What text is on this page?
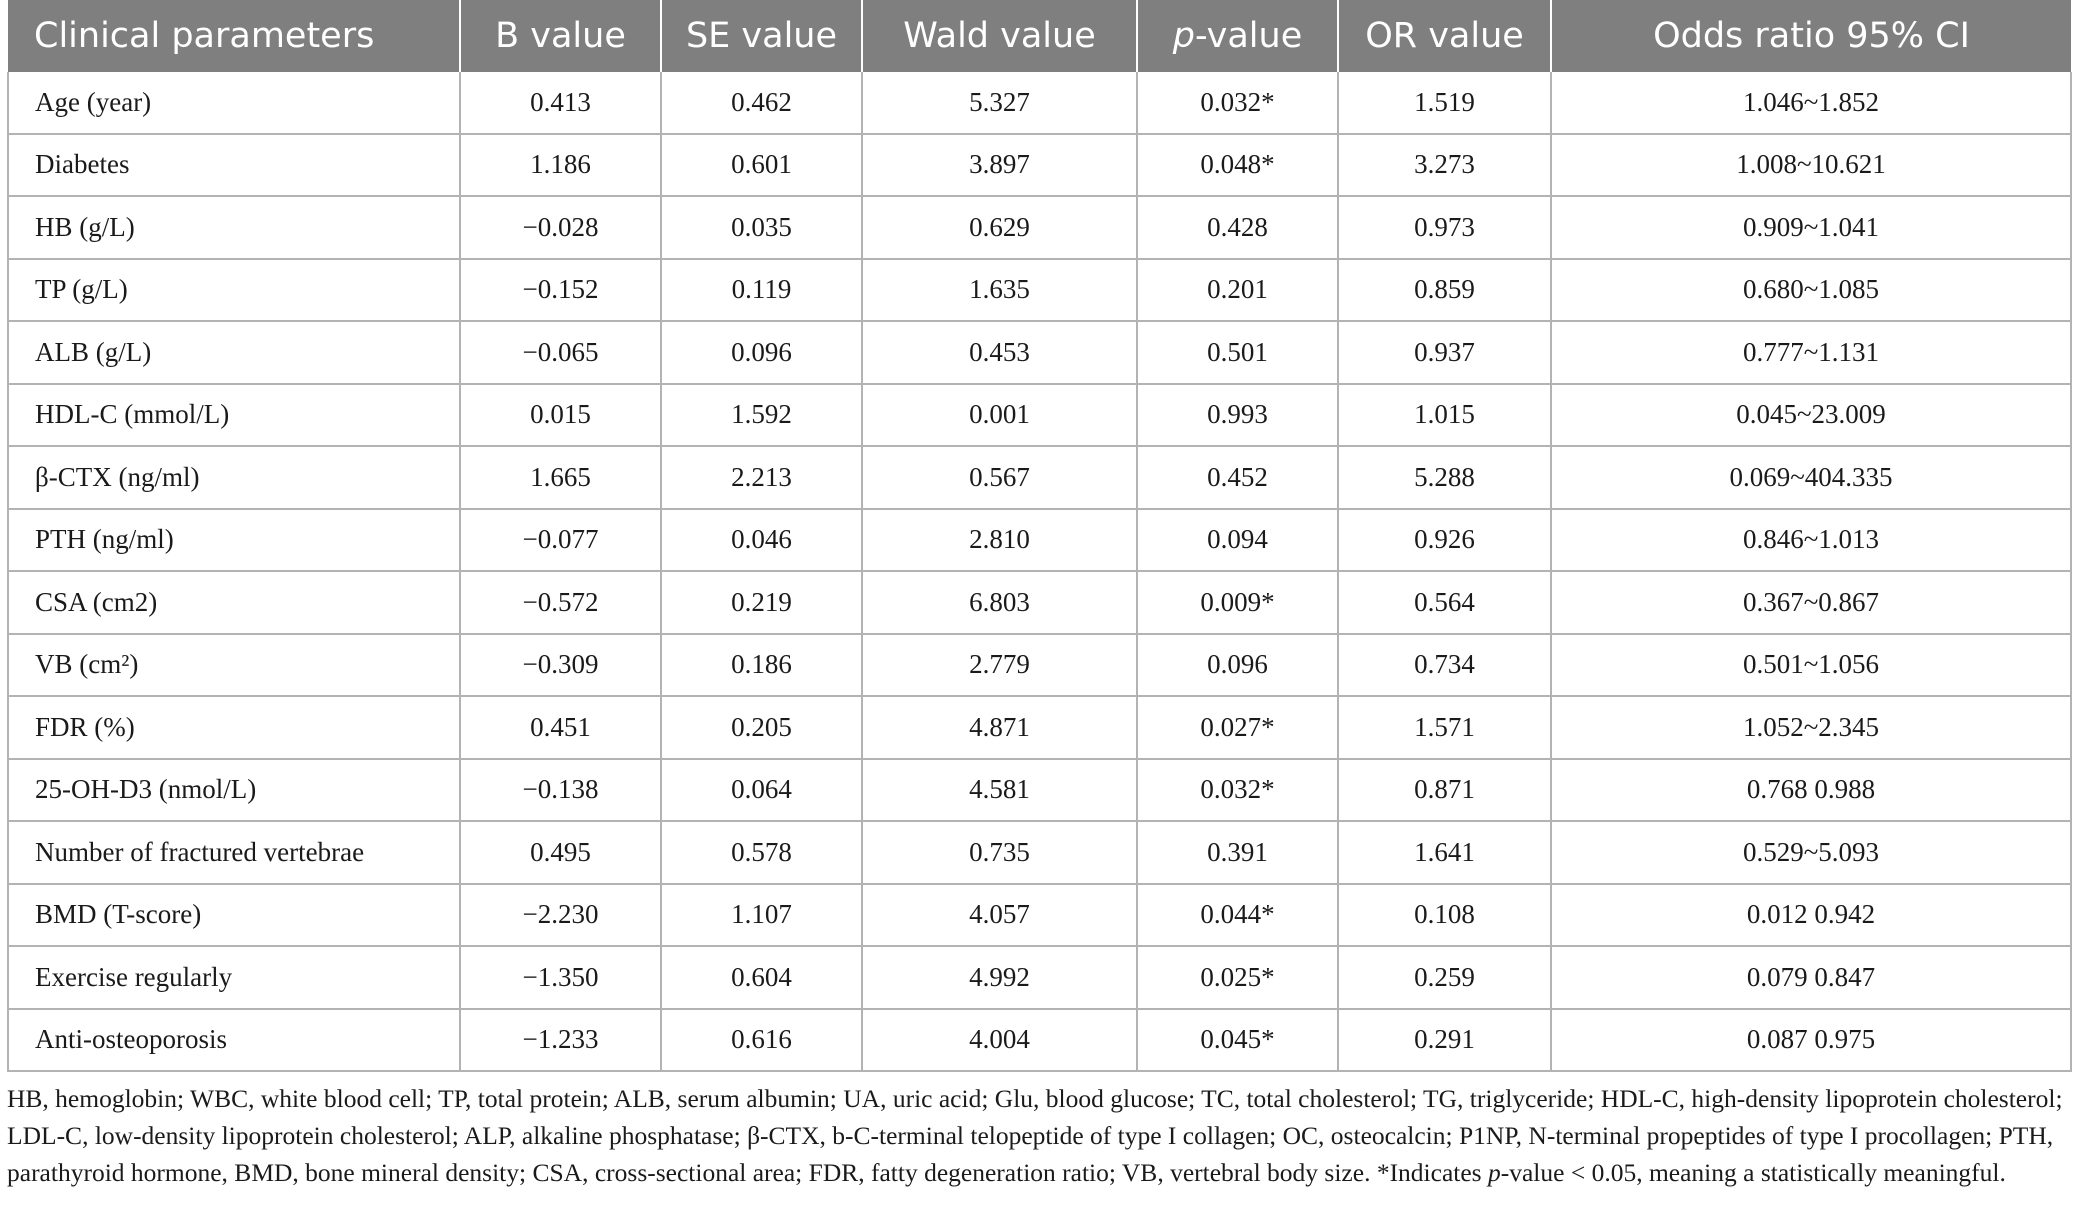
Clinical parameters	B value	SE value	Wald value	p-value	OR value	Odds ratio 95% CI
Age (year)	0.413	0.462	5.327	0.032*	1.519	1.046~1.852
Diabetes	1.186	0.601	3.897	0.048*	3.273	1.008~10.621
HB (g/L)	−0.028	0.035	0.629	0.428	0.973	0.909~1.041
TP (g/L)	−0.152	0.119	1.635	0.201	0.859	0.680~1.085
ALB (g/L)	−0.065	0.096	0.453	0.501	0.937	0.777~1.131
HDL-C (mmol/L)	0.015	1.592	0.001	0.993	1.015	0.045~23.009
β-CTX (ng/ml)	1.665	2.213	0.567	0.452	5.288	0.069~404.335
PTH (ng/ml)	−0.077	0.046	2.810	0.094	0.926	0.846~1.013
CSA (cm2)	−0.572	0.219	6.803	0.009*	0.564	0.367~0.867
VB (cm²)	−0.309	0.186	2.779	0.096	0.734	0.501~1.056
FDR (%)	0.451	0.205	4.871	0.027*	1.571	1.052~2.345
25-OH-D3 (nmol/L)	−0.138	0.064	4.581	0.032*	0.871	0.768 0.988
Number of fractured vertebrae	0.495	0.578	0.735	0.391	1.641	0.529~5.093
BMD (T-score)	−2.230	1.107	4.057	0.044*	0.108	0.012 0.942
Exercise regularly	−1.350	0.604	4.992	0.025*	0.259	0.079 0.847
Anti-osteoporosis	−1.233	0.616	4.004	0.045*	0.291	0.087 0.975

HB, hemoglobin; WBC, white blood cell; TP, total protein; ALB, serum albumin; UA, uric acid; Glu, blood glucose; TC, total cholesterol; TG, triglyceride; HDL-C, high-density lipoprotein cholesterol; LDL-C, low-density lipoprotein cholesterol; ALP, alkaline phosphatase; β-CTX, b-C-terminal telopeptide of type I collagen; OC, osteocalcin; P1NP, N-terminal propeptides of type I procollagen; PTH, parathyroid hormone, BMD, bone mineral density; CSA, cross-sectional area; FDR, fatty degeneration ratio; VB, vertebral body size. *Indicates p-value < 0.05, meaning a statistically meaningful.
